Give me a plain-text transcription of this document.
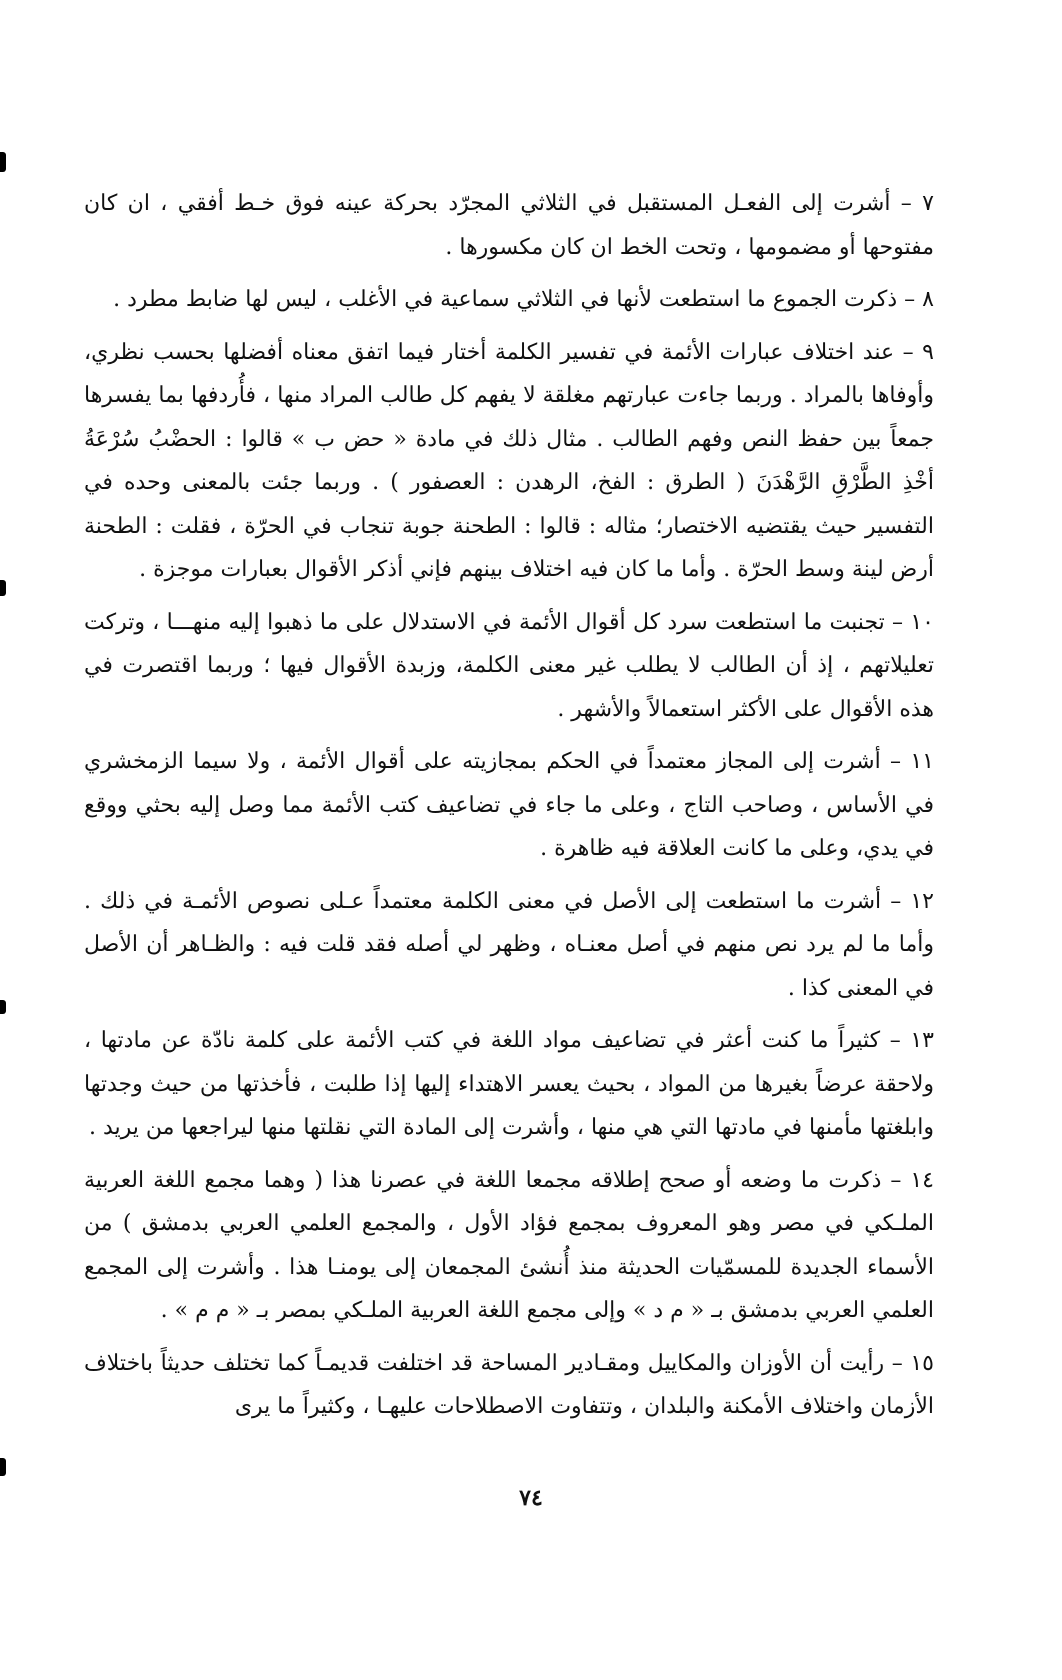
٧ – أشرت إلى الفعـل المستقبل في الثلاثي المجرّد بحركة عينه فوق خـط أفقي ، ان كان مفتوحها أو مضمومها ، وتحت الخط ان كان مكسورها .

٨ – ذكرت الجموع ما استطعت لأنها في الثلاثي سماعية في الأغلب ، ليس لها ضابط مطرد .

٩ – عند اختلاف عبارات الأئمة في تفسير الكلمة أختار فيما اتفق معناه أفضلها بحسب نظري، وأوفاها بالمراد . وربما جاءت عبارتهم مغلقة لا يفهم كل طالب المراد منها ، فأُردفها بما يفسرها جمعاً بين حفظ النص وفهم الطالب . مثال ذلك في مادة « حض ب » قالوا : الحضْبُ سُرْعَةُ أخْذِ الطَّرْقِ الرَّهْدَنَ ( الطرق : الفخ، الرهدن : العصفور ) . وربما جئت بالمعنى وحده في التفسير حيث يقتضيه الاختصار؛ مثاله : قالوا : الطحنة جوبة تنجاب في الحرّة ، فقلت : الطحنة أرض لينة وسط الحرّة . وأما ما كان فيه اختلاف بينهم فإني أذكر الأقوال بعبارات موجزة .

١٠ – تجنبت ما استطعت سرد كل أقوال الأئمة في الاستدلال على ما ذهبوا إليه منهـــا ، وتركت تعليلاتهم ، إذ أن الطالب لا يطلب غير معنى الكلمة، وزبدة الأقوال فيها ؛ وربما اقتصرت في هذه الأقوال على الأكثر استعمالاً والأشهر .

١١ – أشرت إلى المجاز معتمداً في الحكم بمجازيته على أقوال الأئمة ، ولا سيما الزمخشري في الأساس ، وصاحب التاج ، وعلى ما جاء في تضاعيف كتب الأئمة مما وصل إليه بحثي ووقع في يدي، وعلى ما كانت العلاقة فيه ظاهرة .

١٢ – أشرت ما استطعت إلى الأصل في معنى الكلمة معتمداً عـلى نصوص الأئمـة في ذلك . وأما ما لم يرد نص منهم في أصل معنـاه ، وظهر لي أصله فقد قلت فيه : والظـاهر أن الأصل في المعنى كذا .

١٣ – كثيراً ما كنت أعثر في تضاعيف مواد اللغة في كتب الأئمة على كلمة نادّة عن مادتها ، ولاحقة عرضاً بغيرها من المواد ، بحيث يعسر الاهتداء إليها إذا طلبت ، فأخذتها من حيث وجدتها وابلغتها مأمنها في مادتها التي هي منها ، وأشرت إلى المادة التي نقلتها منها ليراجعها من يريد .

١٤ – ذكرت ما وضعه أو صحح إطلاقه مجمعا اللغة في عصرنا هذا ( وهما مجمع اللغة العربية الملـكي في مصر وهو المعروف بمجمع فؤاد الأول ، والمجمع العلمي العربي بدمشق ) من الأسماء الجديدة للمسمّيات الحديثة منذ أُنشئ المجمعان إلى يومنـا هذا . وأشرت إلى المجمع العلمي العربي بدمشق بـ « م د » وإلى مجمع اللغة العربية الملـكي بمصر بـ « م م » .

١٥ – رأيت أن الأوزان والمكاييل ومقـادير المساحة قد اختلفت قديمـاً كما تختلف حديثاً باختلاف الأزمان واختلاف الأمكنة والبلدان ، وتتفاوت الاصطلاحات عليهـا ، وكثيراً ما يرى

٧٤
